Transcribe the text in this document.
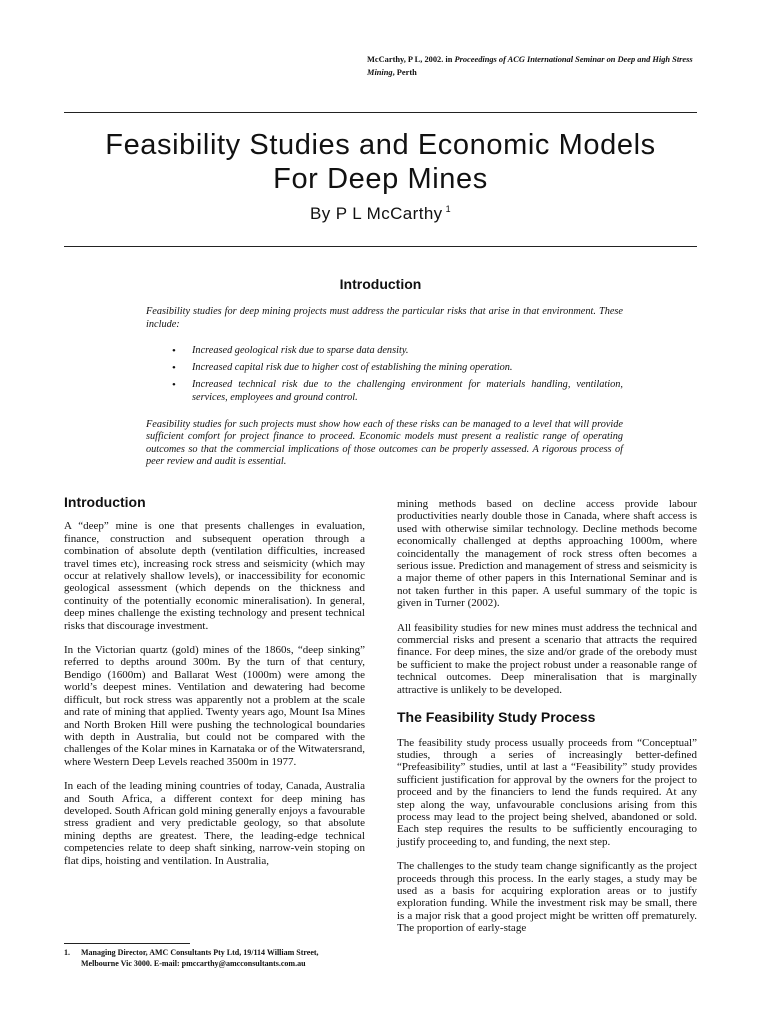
McCarthy, P L, 2002. in Proceedings of ACG International Seminar on Deep and High Stress Mining, Perth
Feasibility Studies and Economic Models
For Deep Mines
By P L McCarthy $^1$
Introduction

Feasibility studies for deep mining projects must address the particular risks that arise in that environment. These include:

• Increased geological risk due to sparse data density.
• Increased capital risk due to higher cost of establishing the mining operation.
• Increased technical risk due to the challenging environment for materials handling, ventilation, services, employees and ground control.

Feasibility studies for such projects must show how each of these risks can be managed to a level that will provide sufficient comfort for project finance to proceed. Economic models must present a realistic range of operating outcomes so that the commercial implications of those outcomes can be properly assessed. A rigorous process of peer review and audit is essential.

Introduction

A “deep” mine is one that presents challenges in evaluation, finance, construction and subsequent operation through a combination of absolute depth (ventilation difficulties, increased travel times etc), increasing rock stress and seismicity (which may occur at relatively shallow levels), or inaccessibility for economic geological assessment (which depends on the thickness and continuity of the potentially economic mineralisation). In general, deep mines challenge the existing technology and present technical risks that discourage investment.

In the Victorian quartz (gold) mines of the 1860s, “deep sinking” referred to depths around 300m. By the turn of that century, Bendigo (1600m) and Ballarat West (1000m) were among the world’s deepest mines. Ventilation and dewatering had become difficult, but rock stress was apparently not a problem at the scale and rate of mining that applied. Twenty years ago, Mount Isa Mines and North Broken Hill were pushing the technological boundaries with depth in Australia, but could not be compared with the challenges of the Kolar mines in Karnataka or of the Witwatersrand, where Western Deep Levels reached 3500m in 1977.

In each of the leading mining countries of today, Canada, Australia and South Africa, a different context for deep mining has developed. South African gold mining generally enjoys a favourable stress gradient and very predictable geology, so that absolute mining depths are greatest. There, the leading-edge technical competencies relate to deep shaft sinking, narrow-vein stoping on flat dips, hoisting and ventilation. In Australia,

mining methods based on decline access provide labour productivities nearly double those in Canada, where shaft access is used with otherwise similar technology. Decline methods become economically challenged at depths approaching 1000m, where coincidentally the management of rock stress often becomes a serious issue. Prediction and management of stress and seismicity is a major theme of other papers in this International Seminar and is not taken further in this paper. A useful summary of the topic is given in Turner (2002).

All feasibility studies for new mines must address the technical and commercial risks and present a scenario that attracts the required finance. For deep mines, the size and/or grade of the orebody must be sufficient to make the project robust under a reasonable range of technical outcomes. Deep mineralisation that is marginally attractive is unlikely to be developed.

The Feasibility Study Process

The feasibility study process usually proceeds from “Conceptual” studies, through a series of increasingly better-defined “Prefeasibility” studies, until at last a “Feasibility” study provides sufficient justification for approval by the owners for the project to proceed and by the financiers to lend the funds required. At any step along the way, unfavourable conclusions arising from this process may lead to the project being shelved, abandoned or sold. Each step requires the results to be sufficiently encouraging to justify proceeding to, and funding, the next step.

The challenges to the study team change significantly as the project proceeds through this process. In the early stages, a study may be used as a basis for acquiring exploration areas or to justify exploration funding. While the investment risk may be small, there is a major risk that a good project might be written off prematurely. The proportion of early-stage

1. Managing Director, AMC Consultants Pty Ltd, 19/114 William Street,
Melbourne Vic 3000. E-mail: pmccarthy@amcconsultants.com.au
